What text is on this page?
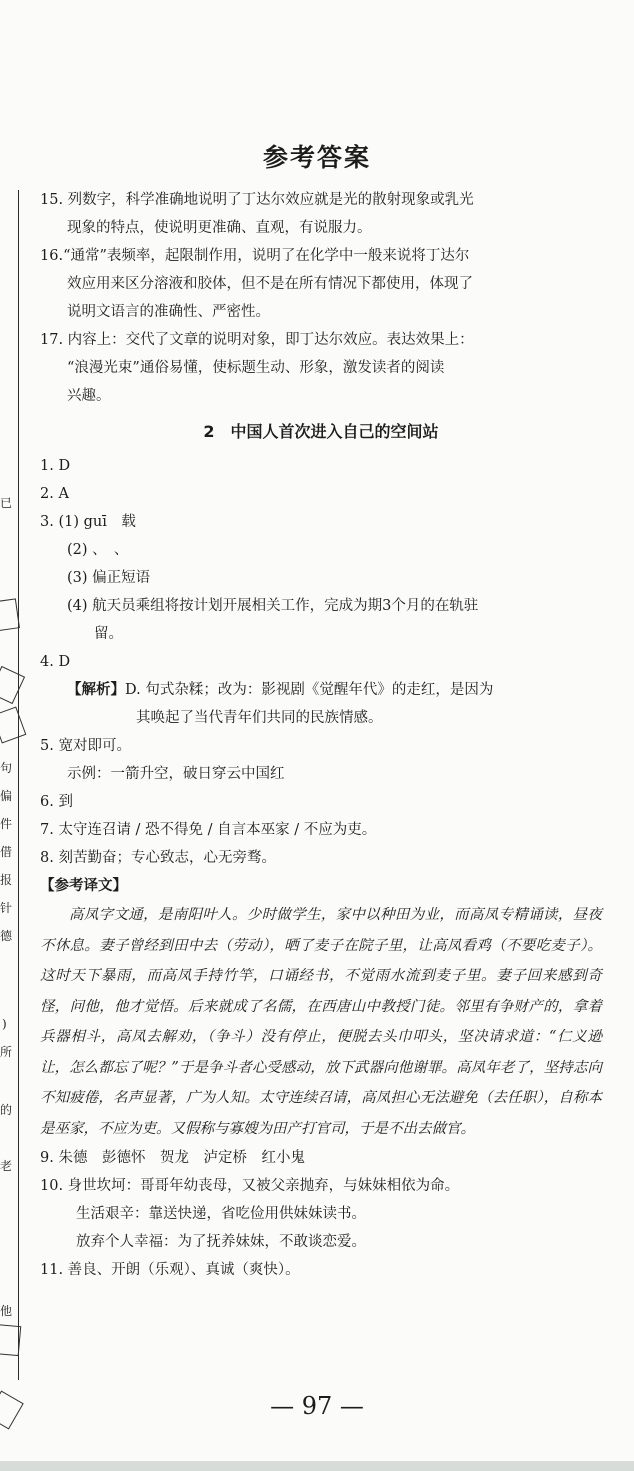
已
句
偏
件
借
报
针
德
)
所
的
老
他
参考答案
15. 列数字，科学准确地说明了丁达尔效应就是光的散射现象或乳光
现象的特点，使说明更准确、直观，有说服力。
16. “通常”表频率，起限制作用，说明了在化学中一般来说将丁达尔
效应用来区分溶液和胶体，但不是在所有情况下都使用，体现了
说明文语言的准确性、严密性。
17. 内容上：交代了文章的说明对象，即丁达尔效应。表达效果上：
“浪漫光束”通俗易懂，使标题生动、形象，激发读者的阅读
兴趣。
2　中国人首次进入自己的空间站
1. D
2. A
3. (1) guī　载
(2) 、　、
(3) 偏正短语
(4) 航天员乘组将按计划开展相关工作，完成为期3个月的在轨驻
留。
4. D
【解析】 D. 句式杂糅；改为：影视剧《觉醒年代》的走红，是因为
其唤起了当代青年们共同的民族情感。
5. 宽对即可。
示例：一箭升空，破日穿云中国红
6. 到
7. 太守连召请 / 恐不得免 / 自言本巫家 / 不应为吏。
8. 刻苦勤奋；专心致志，心无旁骛。
【参考译文】
高凤字文通，是南阳叶人。少时做学生，家中以种田为业，而高凤专精诵读，昼夜不休息。妻子曾经到田中去（劳动），晒了麦子在院子里，让高凤看鸡（不要吃麦子）。这时天下暴雨，而高凤手持竹竿，口诵经书，不觉雨水流到麦子里。妻子回来感到奇怪，问他，他才觉悟。后来就成了名儒，在西唐山中教授门徒。邻里有争财产的，拿着兵器相斗，高凤去解劝，（争斗）没有停止，便脱去头巾叩头，坚决请求道：“仁义逊让，怎么都忘了呢？”于是争斗者心受感动，放下武器向他谢罪。高凤年老了，坚持志向不知疲倦，名声显著，广为人知。太守连续召请，高凤担心无法避免（去任职），自称本是巫家，不应为吏。又假称与寡嫂为田产打官司，于是不出去做官。
9. 朱德　彭德怀　贺龙　泸定桥　红小鬼
10. 身世坎坷：哥哥年幼丧母，又被父亲抛弃，与妹妹相依为命。
生活艰辛：靠送快递，省吃俭用供妹妹读书。
放弃个人幸福：为了抚养妹妹，不敢谈恋爱。
11. 善良、开朗（乐观）、真诚（爽快）。
— 97 —
